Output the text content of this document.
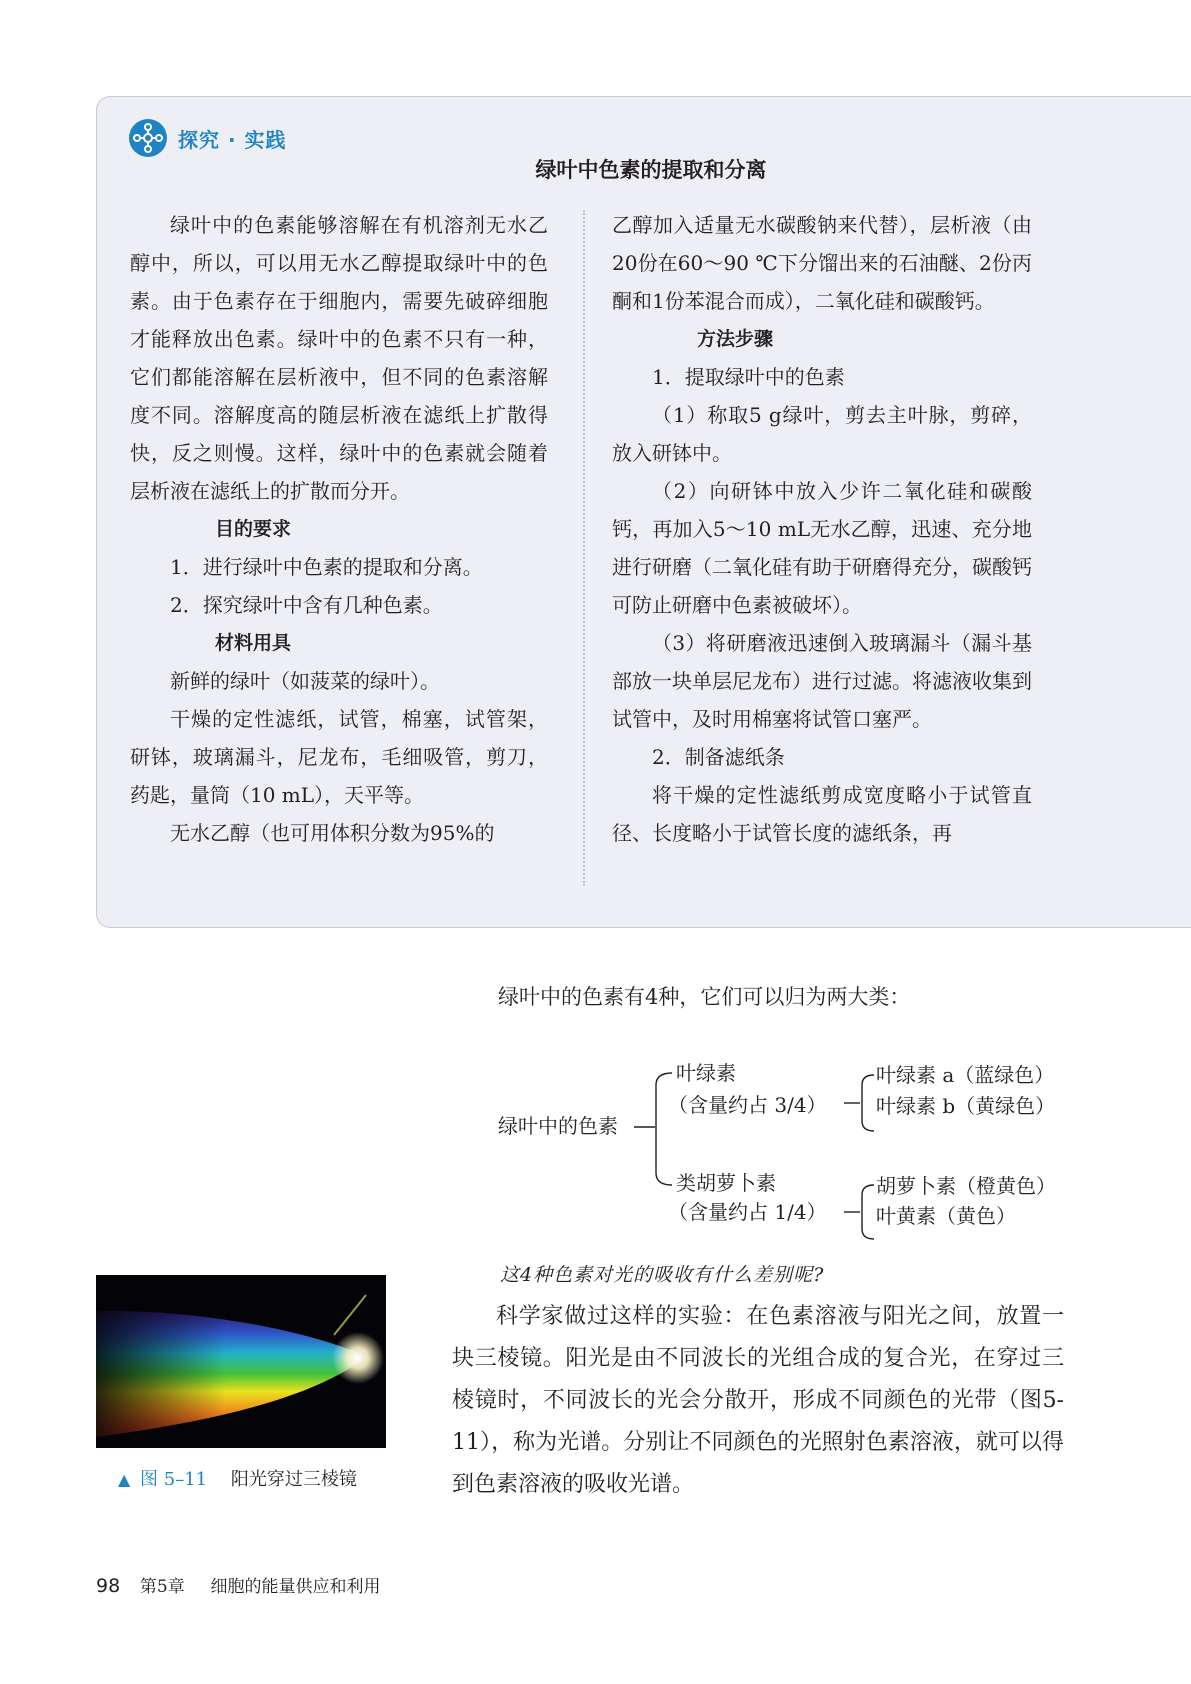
探究 · 实践
绿叶中色素的提取和分离

绿叶中的色素能够溶解在有机溶剂无水乙醇中，所以，可以用无水乙醇提取绿叶中的色素。由于色素存在于细胞内，需要先破碎细胞才能释放出色素。绿叶中的色素不只有一种，它们都能溶解在层析液中，但不同的色素溶解度不同。溶解度高的随层析液在滤纸上扩散得快，反之则慢。这样，绿叶中的色素就会随着层析液在滤纸上的扩散而分开。

目的要求

1．进行绿叶中色素的提取和分离。

2．探究绿叶中含有几种色素。

材料用具

新鲜的绿叶（如菠菜的绿叶）。

干燥的定性滤纸，试管，棉塞，试管架，研钵，玻璃漏斗，尼龙布，毛细吸管，剪刀，药匙，量筒（10 mL），天平等。

无水乙醇（也可用体积分数为95%的

乙醇加入适量无水碳酸钠来代替），层析液（由20份在60～90 ℃下分馏出来的石油醚、2份丙酮和1份苯混合而成），二氧化硅和碳酸钙。

方法步骤

1．提取绿叶中的色素

（1）称取5 g绿叶，剪去主叶脉，剪碎，放入研钵中。

（2）向研钵中放入少许二氧化硅和碳酸钙，再加入5～10 mL无水乙醇，迅速、充分地进行研磨（二氧化硅有助于研磨得充分，碳酸钙可防止研磨中色素被破坏）。

（3）将研磨液迅速倒入玻璃漏斗（漏斗基部放一块单层尼龙布）进行过滤。将滤液收集到试管中，及时用棉塞将试管口塞严。

2．制备滤纸条

将干燥的定性滤纸剪成宽度略小于试管直径、长度略小于试管长度的滤纸条，再

绿叶中的色素有4种，它们可以归为两大类：
绿叶中的色素
叶绿素
（含量约占 3/4）
叶绿素 a（蓝绿色）
叶绿素 b（黄绿色）
类胡萝卜素
（含量约占 1/4）
胡萝卜素（橙黄色）
叶黄素（黄色）
这4种色素对光的吸收有什么差别呢?

科学家做过这样的实验：在色素溶液与阳光之间，放置一块三棱镜。阳光是由不同波长的光组合成的复合光，在穿过三棱镜时，不同波长的光会分散开，形成不同颜色的光带（图5-11），称为光谱。分别让不同颜色的光照射色素溶液，就可以得到色素溶液的吸收光谱。

▲ 图 5–11 阳光穿过三棱镜
98 第5章 细胞的能量供应和利用
